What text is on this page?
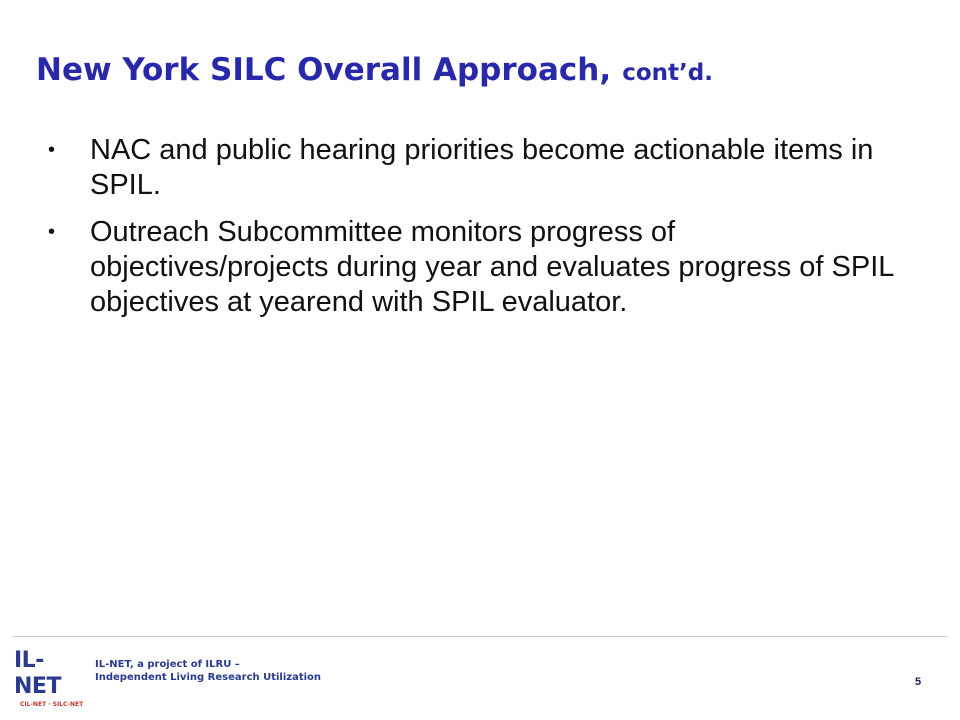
New York SILC Overall Approach, cont’d.
• NAC and public hearing priorities become actionable items in SPIL.
• Outreach Subcommittee monitors progress of objectives/projects during year and evaluates progress of SPIL objectives at yearend with SPIL evaluator.
IL-NET
CIL-NET · SILC-NET
IL-NET, a project of ILRU –
Independent Living Research Utilization	5
